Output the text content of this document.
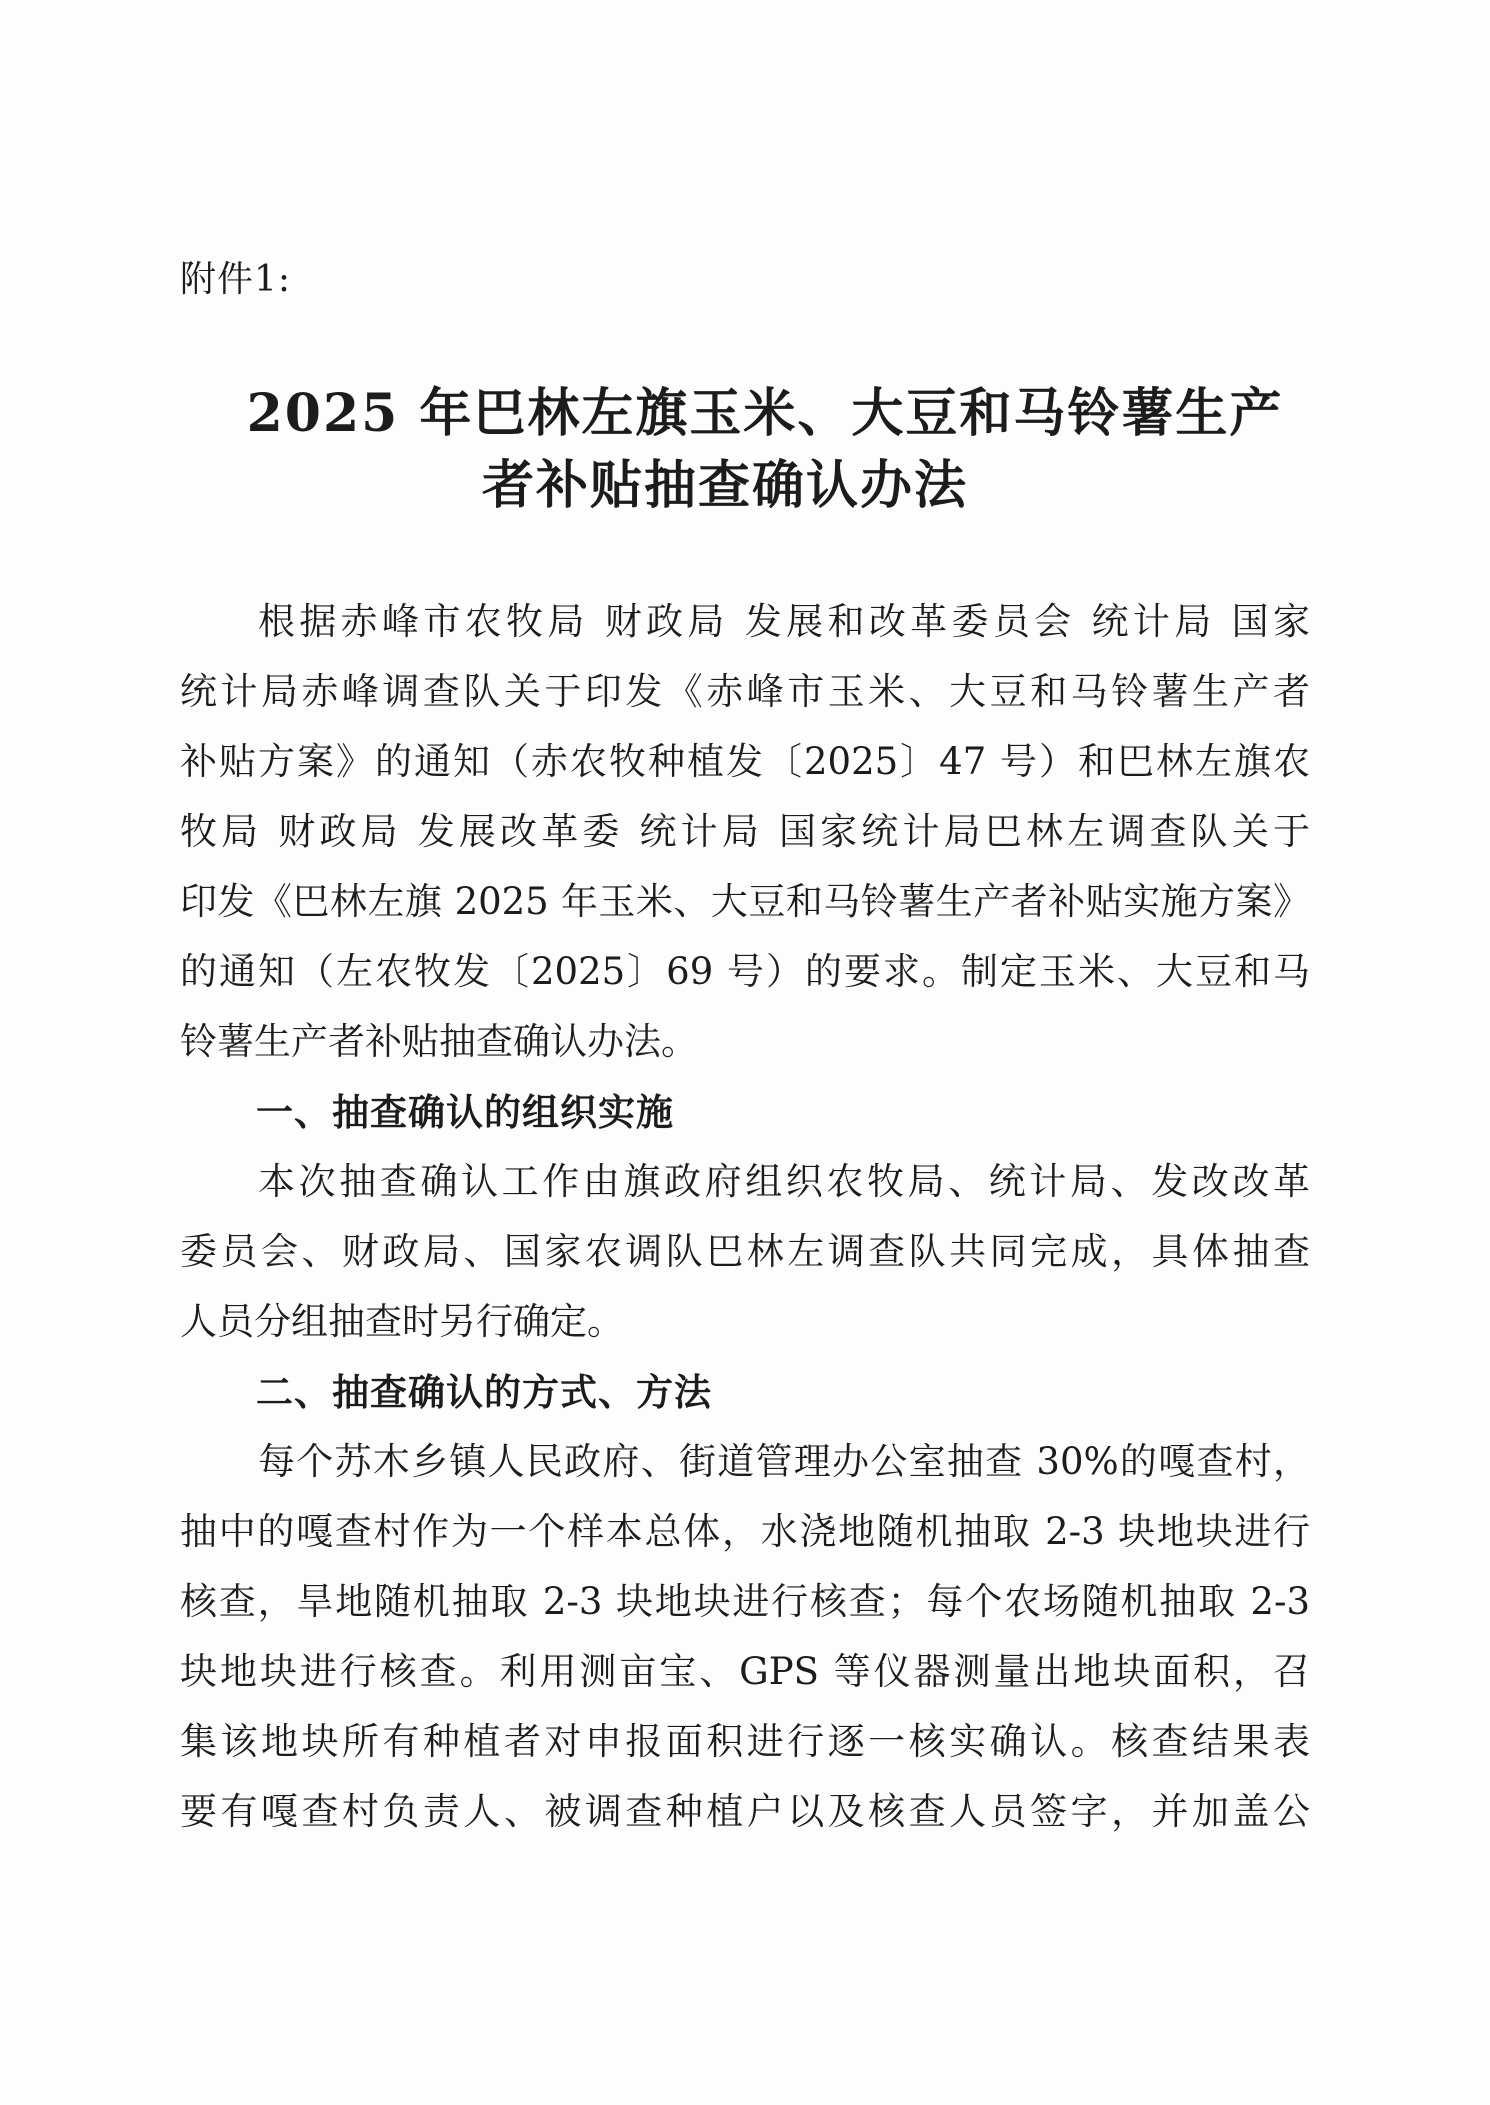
附件1:
2025 年巴林左旗玉米、大豆和马铃薯生产
者补贴抽查确认办法
根据赤峰市农牧局 财政局 发展和改革委员会 统计局 国家
统计局赤峰调查队关于印发《赤峰市玉米、大豆和马铃薯生产者
补贴方案》的通知（赤农牧种植发〔2025〕47 号）和巴林左旗农
牧局 财政局 发展改革委 统计局 国家统计局巴林左调查队关于
印发《巴林左旗 2025 年玉米、大豆和马铃薯生产者补贴实施方案》
的通知（左农牧发〔2025〕69 号）的要求。制定玉米、大豆和马
铃薯生产者补贴抽查确认办法。
一、抽查确认的组织实施
本次抽查确认工作由旗政府组织农牧局、统计局、发改改革
委员会、财政局、国家农调队巴林左调查队共同完成，具体抽查
人员分组抽查时另行确定。
二、抽查确认的方式、方法
每个苏木乡镇人民政府、街道管理办公室抽查 30%的嘎查村，
抽中的嘎查村作为一个样本总体，水浇地随机抽取 2-3 块地块进行
核查，旱地随机抽取 2-3 块地块进行核查；每个农场随机抽取 2-3
块地块进行核查。利用测亩宝、GPS 等仪器测量出地块面积，召
集该地块所有种植者对申报面积进行逐一核实确认。核查结果表
要有嘎查村负责人、被调查种植户以及核查人员签字，并加盖公
